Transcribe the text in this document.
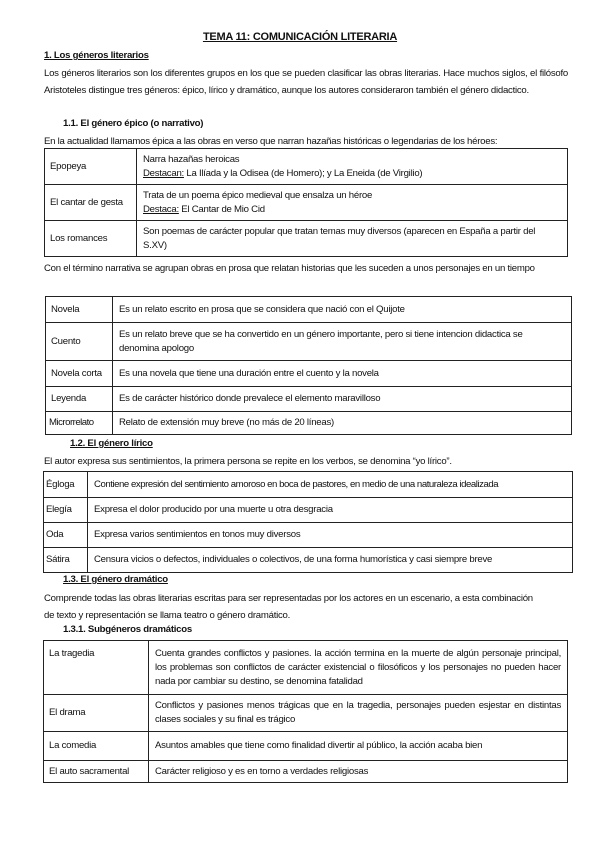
TEMA 11: COMUNICACIÓN LITERARIA
1. Los géneros literarios
Los géneros literarios son los diferentes grupos en los que se pueden clasificar las obras literarias. Hace muchos siglos, el filósofo Aristoteles distingue tres géneros: épico, lírico y dramático, aunque los autores consideraron también el género didactico.
1.1. El género épico (o narrativo)
En la actualidad llamamos épica a las obras en verso que narran hazañas históricas o legendarias de los héroes:
Epopeya	Narra hazañas heroicas
Destacan: La Ilíada y la Odisea (de Homero); y La Eneida (de Virgilio)
El cantar de gesta	Trata de un poema épico medieval que ensalza un héroe
Destaca: El Cantar de Mio Cid
Los romances	Son poemas de carácter popular que tratan temas muy diversos (aparecen en España a partir del S.XV)
Con el término narrativa se agrupan obras en prosa que relatan historias que les suceden a unos personajes en un tiempo
Novela	Es un relato escrito en prosa que se considera que nació con el Quijote
Cuento	Es un relato breve que se ha convertido en un género importante, pero si tiene intencion didactica se denomina apologo
Novela corta	Es una novela que tiene una duración entre el cuento y la novela
Leyenda	Es de carácter histórico donde prevalece el elemento maravilloso
Microrrelato	Relato de extensión muy breve (no más de 20 líneas)
1.2. El género lírico
El autor expresa sus sentimientos, la primera persona se repite en los verbos, se denomina “yo lírico”.
Égloga	Contiene expresión del sentimiento amoroso en boca de pastores, en medio de una naturaleza idealizada
Elegía	Expresa el dolor producido por una muerte u otra desgracia
Oda	Expresa varios sentimientos en tonos muy diversos
Sátira	Censura vicios o defectos, individuales o colectivos, de una forma humorística y casi siempre breve
1.3. El género dramático
Comprende todas las obras literarias escritas para ser representadas por los actores en un escenario, a esta combinación de texto y representación se llama teatro o género dramático.
1.3.1. Subgéneros dramáticos
La tragedia	Cuenta grandes conflictos y pasiones. la acción termina en la muerte de algún personaje principal, los problemas son conflictos de carácter existencial o filosóficos y los personajes no pueden hacer nada por cambiar su destino, se denomina fatalidad
El drama	Conflictos y pasiones menos trágicas que en la tragedia, personajes pueden esjestar en distintas clases sociales y su final es trágico
La comedia	Asuntos amables que tiene como finalidad divertir al público, la acción acaba bien
El auto sacramental	Carácter religioso y es en torno a verdades religiosas
